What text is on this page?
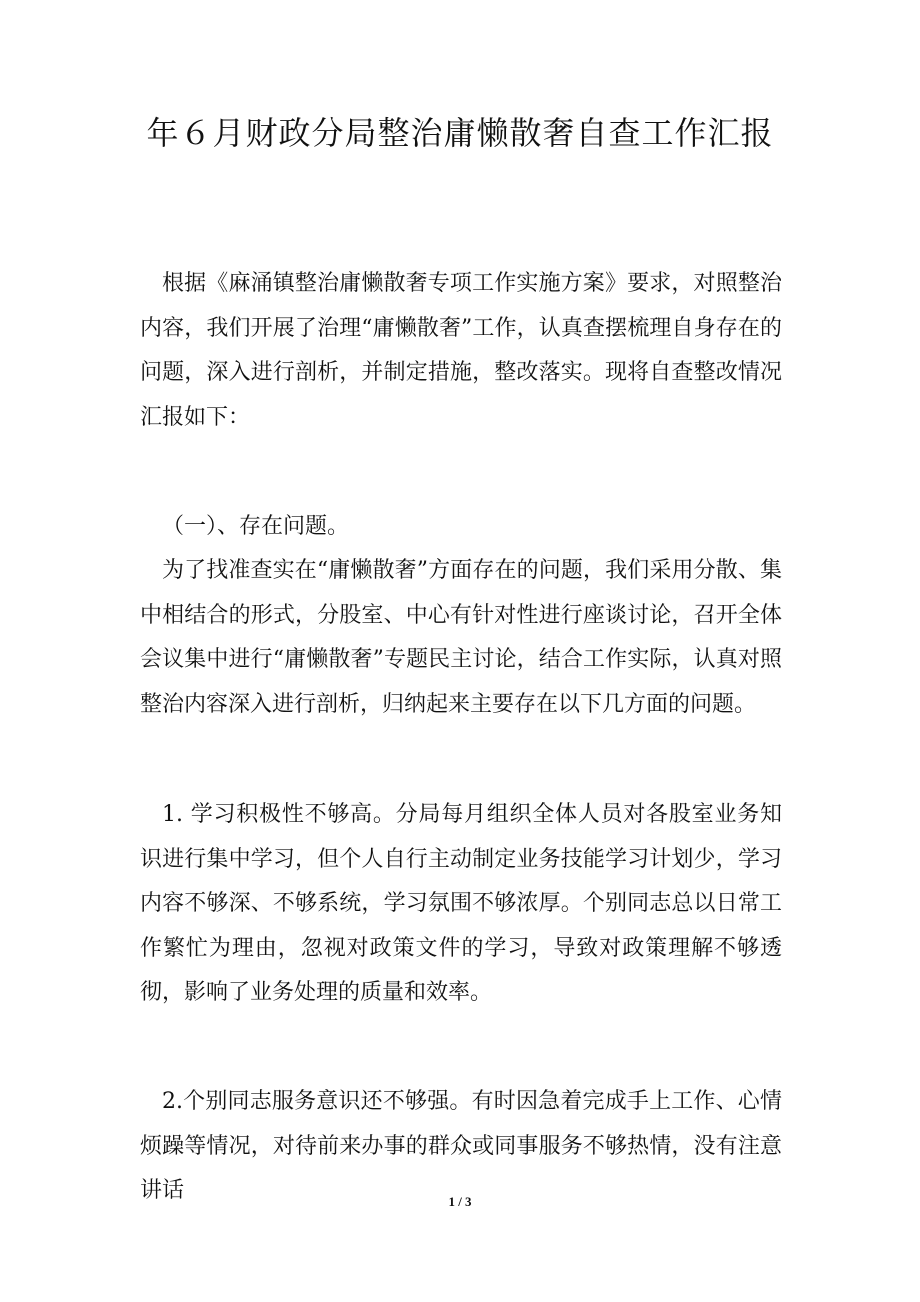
年６月财政分局整治庸懒散奢自查工作汇报

根据《麻涌镇整治庸懒散奢专项工作实施方案》要求，对照整治内容，我们开展了治理“庸懒散奢”工作，认真查摆梳理自身存在的问题，深入进行剖析，并制定措施，整改落实。现将自查整改情况汇报如下：

（一）、存在问题。

为了找准查实在“庸懒散奢”方面存在的问题，我们采用分散、集中相结合的形式，分股室、中心有针对性进行座谈讨论，召开全体会议集中进行“庸懒散奢”专题民主讨论，结合工作实际，认真对照整治内容深入进行剖析，归纳起来主要存在以下几方面的问题。

1. 学习积极性不够高。分局每月组织全体人员对各股室业务知识进行集中学习，但个人自行主动制定业务技能学习计划少，学习内容不够深、不够系统，学习氛围不够浓厚。个别同志总以日常工作繁忙为理由，忽视对政策文件的学习，导致对政策理解不够透彻，影响了业务处理的质量和效率。

2.个别同志服务意识还不够强。有时因急着完成手上工作、心情烦躁等情况，对待前来办事的群众或同事服务不够热情，没有注意讲话	1 / 3
